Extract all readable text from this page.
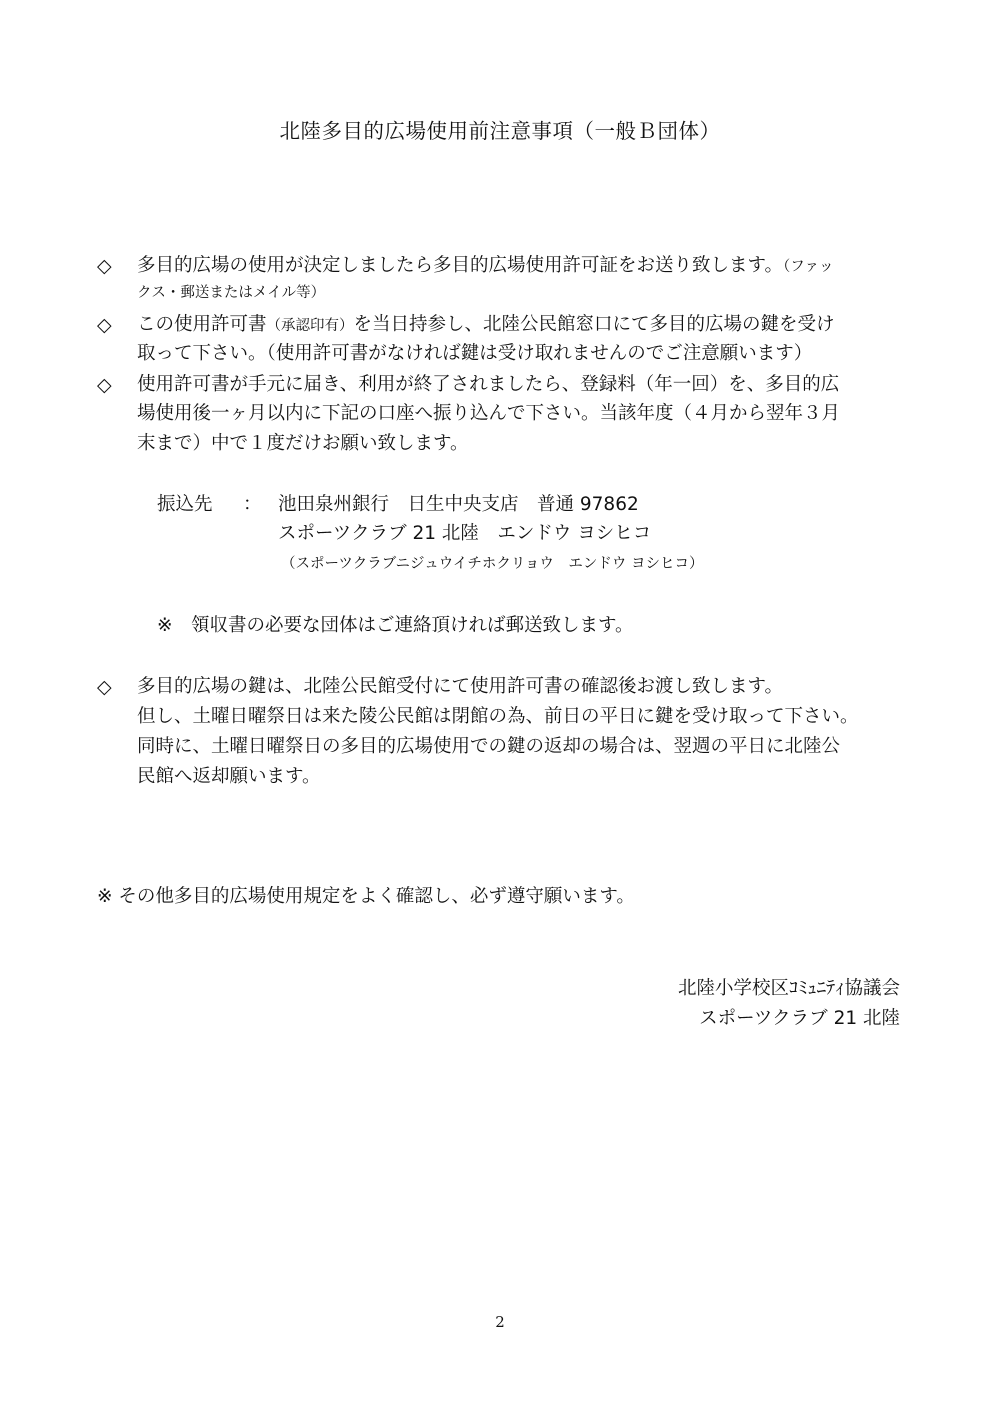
北陸多目的広場使用前注意事項（一般Ｂ団体）
◇ 多目的広場の使用が決定しましたら多目的広場使用許可証をお送り致します。（ファッ
クス・郵送またはメイル等）
◇ この使用許可書（承認印有）を当日持参し、北陸公民館窓口にて多目的広場の鍵を受け
取って下さい。（使用許可書がなければ鍵は受け取れませんのでご注意願います）
◇ 使用許可書が手元に届き、利用が終了されましたら、登録料（年一回）を、多目的広
場使用後一ヶ月以内に下記の口座へ振り込んで下さい。当該年度（４月から翌年３月
末まで）中で１度だけお願い致します。
振込先 ： 池田泉州銀行　日生中央支店　普通 97862
スポーツクラブ 21 北陸　エンドウ ヨシヒコ
（スポーツクラブニジュウイチホクリョウ　エンドウ ヨシヒコ）
※　領収書の必要な団体はご連絡頂ければ郵送致します。
◇ 多目的広場の鍵は、北陸公民館受付にて使用許可書の確認後お渡し致します。
但し、土曜日曜祭日は来た陵公民館は閉館の為、前日の平日に鍵を受け取って下さい。
同時に、土曜日曜祭日の多目的広場使用での鍵の返却の場合は、翌週の平日に北陸公
民館へ返却願います。
※ その他多目的広場使用規定をよく確認し、必ず遵守願います。
北陸小学校区ｺﾐｭﾆﾃｨ協議会
スポーツクラブ 21 北陸
2
